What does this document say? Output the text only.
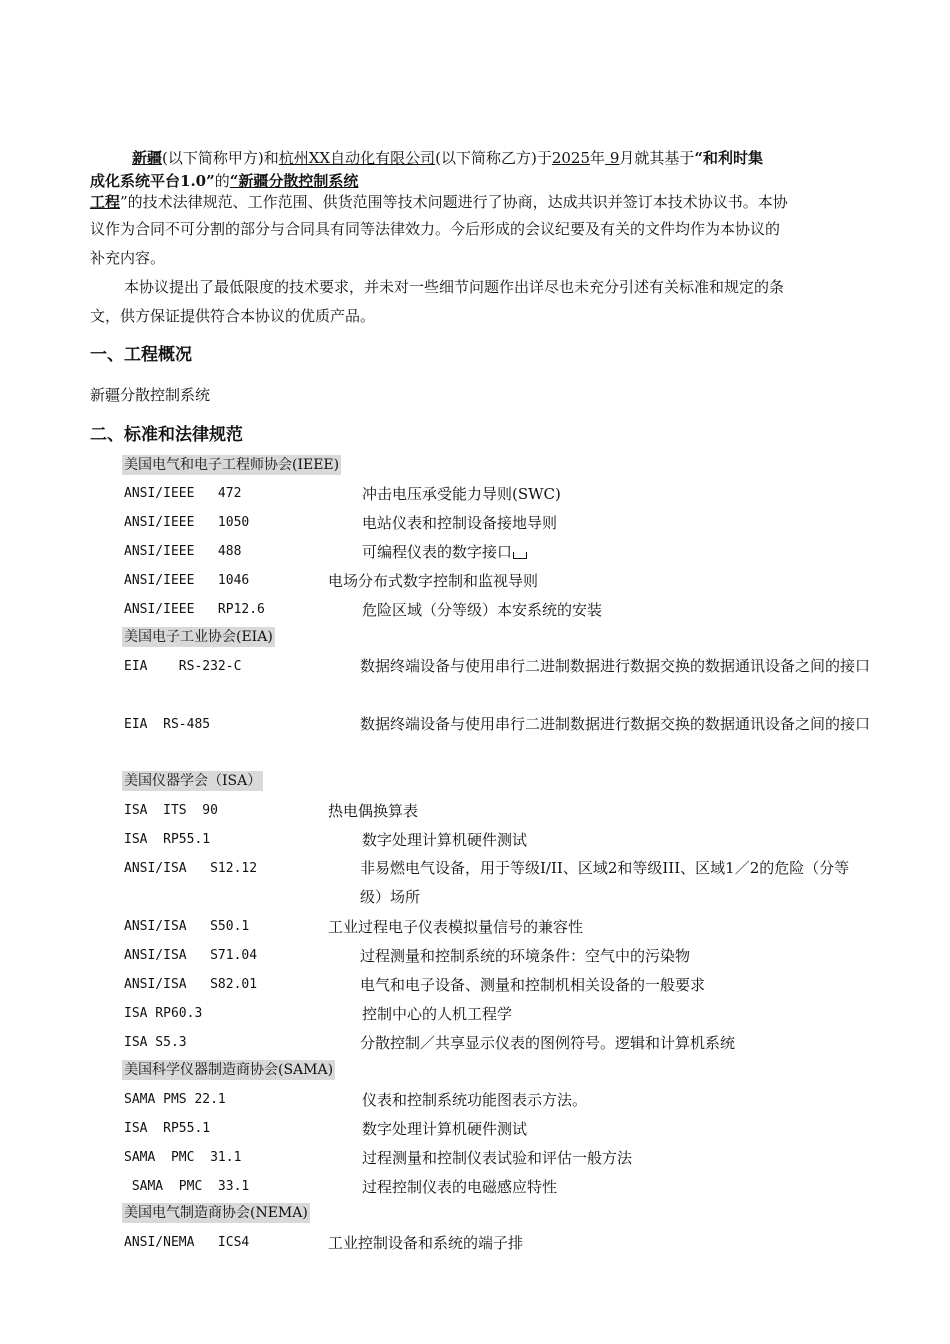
新疆(以下简称甲方)和杭州XX自动化有限公司(以下简称乙方)于2025年 9月就其基于“和利时集
成化系统平台1.0”的“新疆分散控制系统
工程”的技术法律规范、工作范围、供货范围等技术问题进行了协商，达成共识并签订本技术协议书。本协
议作为合同不可分割的部分与合同具有同等法律效力。今后形成的会议纪要及有关的文件均作为本协议的
补充内容。
本协议提出了最低限度的技术要求，并未对一些细节问题作出详尽也未充分引述有关标准和规定的条
文，供方保证提供符合本协议的优质产品。
一、工程概况
新疆分散控制系统
二、标准和法律规范
美国电气和电子工程师协会(IEEE)
ANSI/IEEE   472	冲击电压承受能力导则(SWC)
ANSI/IEEE   1050	电站仪表和控制设备接地导则
ANSI/IEEE   488	可编程仪表的数字接口
ANSI/IEEE   1046	电场分布式数字控制和监视导则
ANSI/IEEE   RP12.6	危险区域（分等级）本安系统的安装
美国电子工业协会(EIA)
EIA    RS-232-C	数据终端设备与使用串行二进制数据进行数据交换的数据通讯设备之间的接口
EIA  RS-485	数据终端设备与使用串行二进制数据进行数据交换的数据通讯设备之间的接口
美国仪器学会（ISA）
ISA  ITS  90	热电偶换算表
ISA  RP55.1	数字处理计算机硬件测试
ANSI/ISA   S12.12	非易燃电气设备，用于等级I/II、区域2和等级III、区域1／2的危险（分等级）场所
ANSI/ISA   S50.1	工业过程电子仪表模拟量信号的兼容性
ANSI/ISA   S71.04	过程测量和控制系统的环境条件：空气中的污染物
ANSI/ISA   S82.01	电气和电子设备、测量和控制机相关设备的一般要求
ISA RP60.3	控制中心的人机工程学
ISA S5.3	分散控制／共享显示仪表的图例符号。逻辑和计算机系统
美国科学仪器制造商协会(SAMA)
SAMA PMS 22.1	仪表和控制系统功能图表示方法。
ISA  RP55.1	数字处理计算机硬件测试
SAMA  PMC  31.1	过程测量和控制仪表试验和评估一般方法
SAMA  PMC  33.1	过程控制仪表的电磁感应特性
美国电气制造商协会(NEMA)
ANSI/NEMA   ICS4	工业控制设备和系统的端子排
